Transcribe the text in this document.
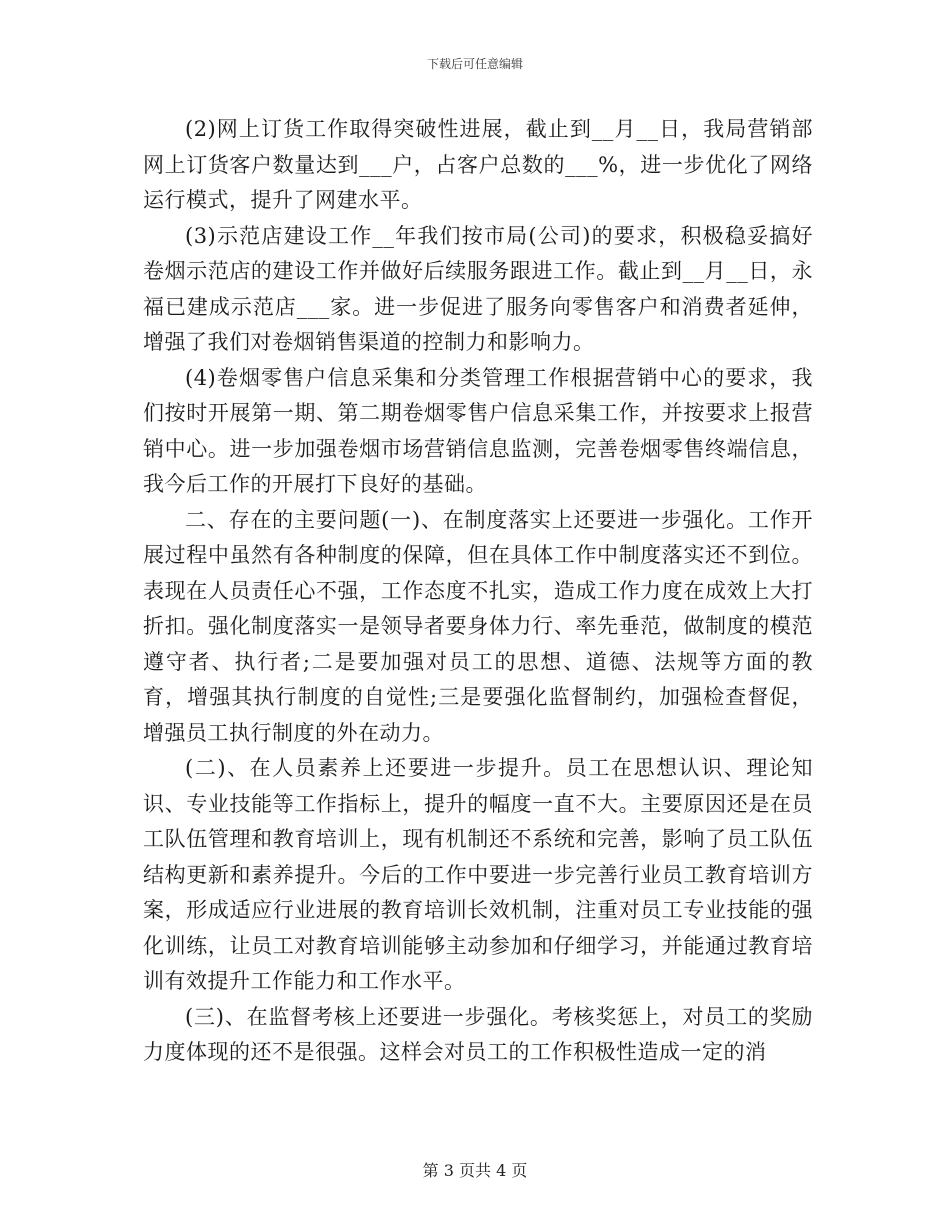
下载后可任意编辑

(2)网上订货工作取得突破性进展，截止到__月__日，我局营销部网上订货客户数量达到___户，占客户总数的___%，进一步优化了网络运行模式，提升了网建水平。

(3)示范店建设工作__年我们按市局(公司)的要求，积极稳妥搞好卷烟示范店的建设工作并做好后续服务跟进工作。截止到__月__日，永福已建成示范店___家。进一步促进了服务向零售客户和消费者延伸，增强了我们对卷烟销售渠道的控制力和影响力。

(4)卷烟零售户信息采集和分类管理工作根据营销中心的要求，我们按时开展第一期、第二期卷烟零售户信息采集工作，并按要求上报营销中心。进一步加强卷烟市场营销信息监测，完善卷烟零售终端信息，我今后工作的开展打下良好的基础。

二、存在的主要问题(一)、在制度落实上还要进一步强化。工作开展过程中虽然有各种制度的保障，但在具体工作中制度落实还不到位。表现在人员责任心不强，工作态度不扎实，造成工作力度在成效上大打折扣。强化制度落实一是领导者要身体力行、率先垂范，做制度的模范遵守者、执行者;二是要加强对员工的思想、道德、法规等方面的教育，增强其执行制度的自觉性;三是要强化监督制约，加强检查督促，增强员工执行制度的外在动力。

(二)、在人员素养上还要进一步提升。员工在思想认识、理论知识、专业技能等工作指标上，提升的幅度一直不大。主要原因还是在员工队伍管理和教育培训上，现有机制还不系统和完善，影响了员工队伍结构更新和素养提升。今后的工作中要进一步完善行业员工教育培训方案，形成适应行业进展的教育培训长效机制，注重对员工专业技能的强化训练，让员工对教育培训能够主动参加和仔细学习，并能通过教育培训有效提升工作能力和工作水平。

(三)、在监督考核上还要进一步强化。考核奖惩上，对员工的奖励力度体现的还不是很强。这样会对员工的工作积极性造成一定的消

第 3 页共 4 页
